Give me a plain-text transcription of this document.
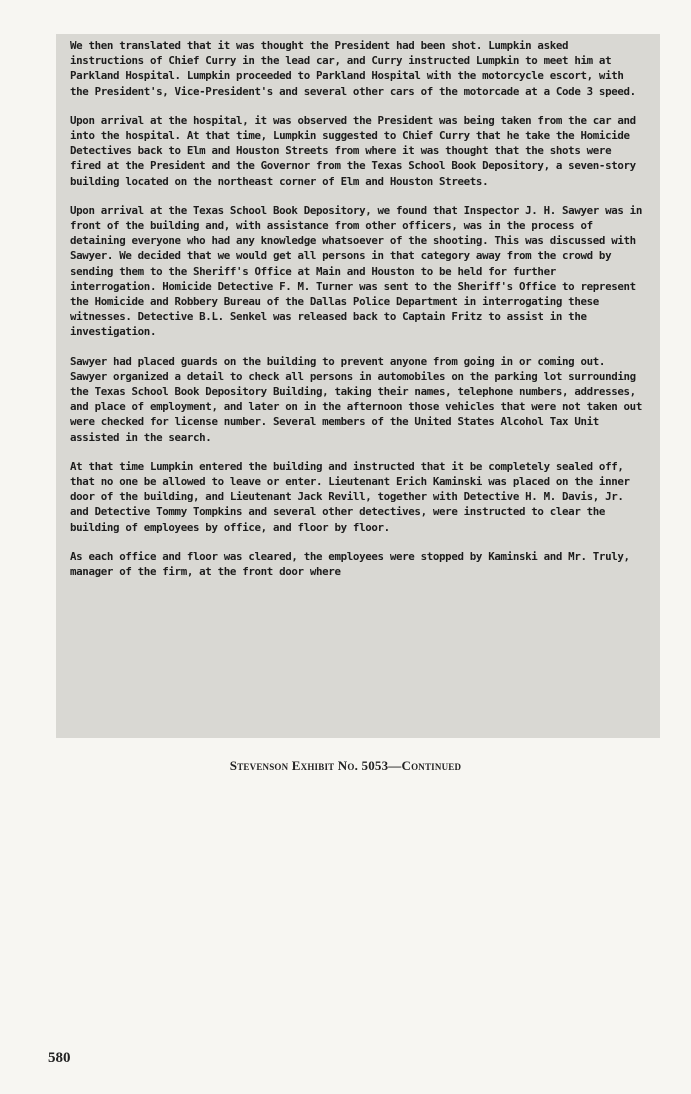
We then translated that it was thought the President had been shot. Lumpkin asked instructions of Chief Curry in the lead car, and Curry instructed Lumpkin to meet him at Parkland Hospital. Lumpkin proceeded to Parkland Hospital with the motorcycle escort, with the President's, Vice-President's and several other cars of the motorcade at a Code 3 speed.

Upon arrival at the hospital, it was observed the President was being taken from the car and into the hospital. At that time, Lumpkin suggested to Chief Curry that he take the Homicide Detectives back to Elm and Houston Streets from where it was thought that the shots were fired at the President and the Governor from the Texas School Book Depository, a seven-story building located on the northeast corner of Elm and Houston Streets.

Upon arrival at the Texas School Book Depository, we found that Inspector J. H. Sawyer was in front of the building and, with assistance from other officers, was in the process of detaining everyone who had any knowledge whatsoever of the shooting. This was discussed with Sawyer. We decided that we would get all persons in that category away from the crowd by sending them to the Sheriff's Office at Main and Houston to be held for further interrogation. Homicide Detective F. M. Turner was sent to the Sheriff's Office to represent the Homicide and Robbery Bureau of the Dallas Police Department in interrogating these witnesses. Detective B.L. Senkel was released back to Captain Fritz to assist in the investigation.

Sawyer had placed guards on the building to prevent anyone from going in or coming out. Sawyer organized a detail to check all persons in automobiles on the parking lot surrounding the Texas School Book Depository Building, taking their names, telephone numbers, addresses, and place of employment, and later on in the afternoon those vehicles that were not taken out were checked for license number. Several members of the United States Alcohol Tax Unit assisted in the search.

At that time Lumpkin entered the building and instructed that it be completely sealed off, that no one be allowed to leave or enter. Lieutenant Erich Kaminski was placed on the inner door of the building, and Lieutenant Jack Revill, together with Detective H. M. Davis, Jr. and Detective Tommy Tompkins and several other detectives, were instructed to clear the building of employees by office, and floor by floor.

As each office and floor was cleared, the employees were stopped by Kaminski and Mr. Truly, manager of the firm, at the front door where

Stevenson Exhibit No. 5053—Continued
580
